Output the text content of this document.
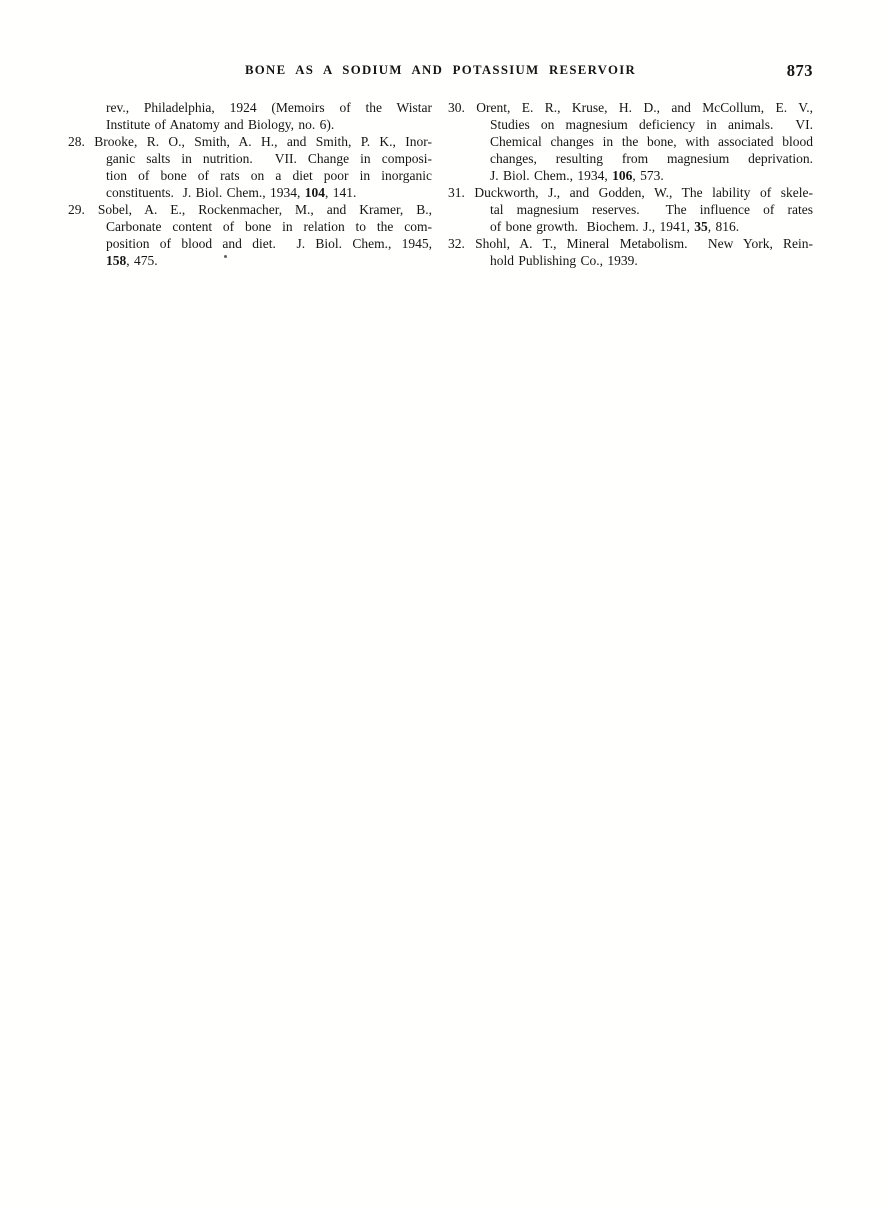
BONE AS A SODIUM AND POTASSIUM RESERVOIR	873
rev., Philadelphia, 1924 (Memoirs of the Wistar
Institute of Anatomy and Biology, no. 6).
28. Brooke, R. O., Smith, A. H., and Smith, P. K., Inor-
ganic salts in nutrition.  VII. Change in composi-
tion of bone of rats on a diet poor in inorganic
constituents.  J. Biol. Chem., 1934, 104, 141.
29. Sobel, A. E., Rockenmacher, M., and Kramer, B.,
Carbonate content of bone in relation to the com-
position of blood and diet.  J. Biol. Chem., 1945,
158, 475.
30. Orent, E. R., Kruse, H. D., and McCollum, E. V.,
Studies on magnesium deficiency in animals.  VI.
Chemical changes in the bone, with associated blood
changes, resulting from magnesium deprivation.
J. Biol. Chem., 1934, 106, 573.
31. Duckworth, J., and Godden, W., The lability of skele-
tal magnesium reserves.  The influence of rates
of bone growth.  Biochem. J., 1941, 35, 816.
32. Shohl, A. T., Mineral Metabolism.  New York, Rein-
hold Publishing Co., 1939.
